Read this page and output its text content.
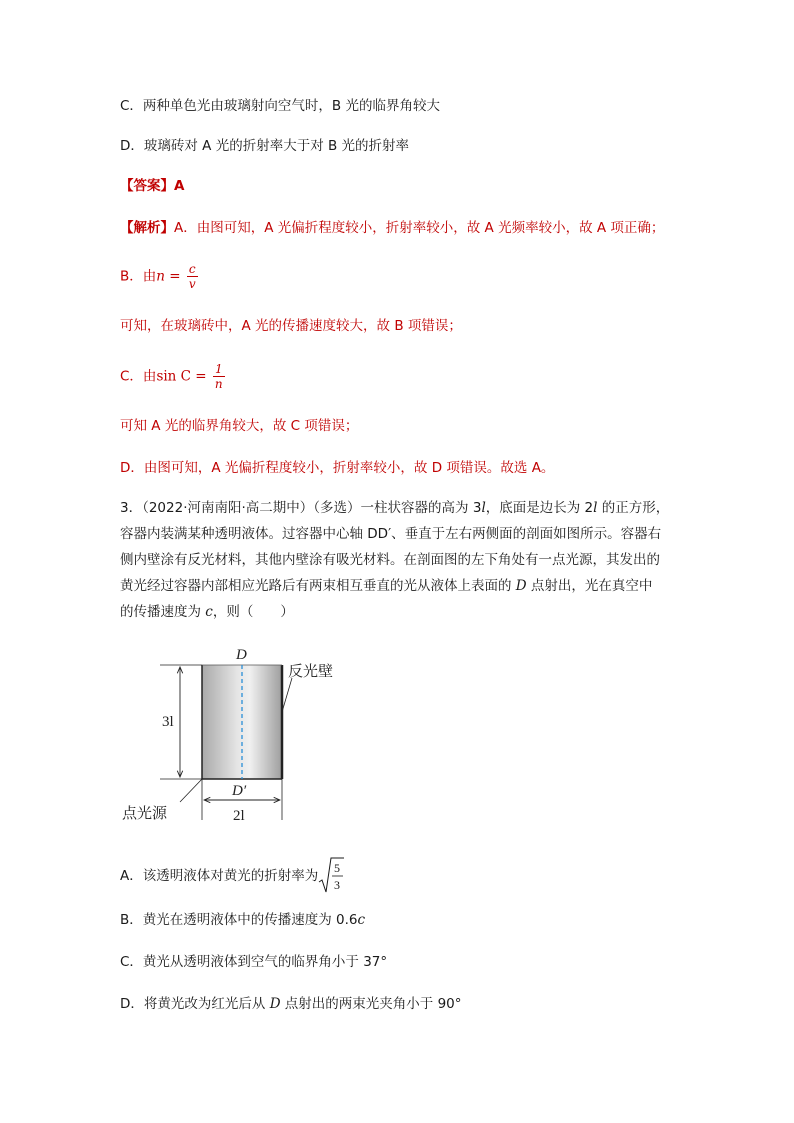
C．两种单色光由玻璃射向空气时，B 光的临界角较大
D．玻璃砖对 A 光的折射率大于对 B 光的折射率
【答案】A
【解析】A．由图可知，A 光偏折程度较小，折射率较小，故 A 光频率较小，故 A 项正确；
B．由$n = \frac{c}{v}$
可知，在玻璃砖中，A 光的传播速度较大，故 B 项错误；
C．由$\sin C = \frac{1}{n}$
可知 A 光的临界角较大，故 C 项错误；
D．由图可知，A 光偏折程度较小，折射率较小，故 D 项错误。故选 A。
3．（2022·河南南阳·高二期中）（多选）一柱状容器的高为 3l，底面是边长为 2l 的正方形，
容器内装满某种透明液体。过容器中心轴 DD′、垂直于左右两侧面的剖面如图所示。容器右
侧内壁涂有反光材料，其他内壁涂有吸光材料。在剖面图的左下角处有一点光源，其发出的
黄光经过容器内部相应光路后有两束相互垂直的光从液体上表面的 D 点射出，光在真空中
的传播速度为 c，则（　　）
D
D′
反光壁
3l
2l
点光源
A．该透明液体对黄光的折射率为 5
3
B．黄光在透明液体中的传播速度为 0.6c
C．黄光从透明液体到空气的临界角小于 37°
D．将黄光改为红光后从 D 点射出的两束光夹角小于 90°
